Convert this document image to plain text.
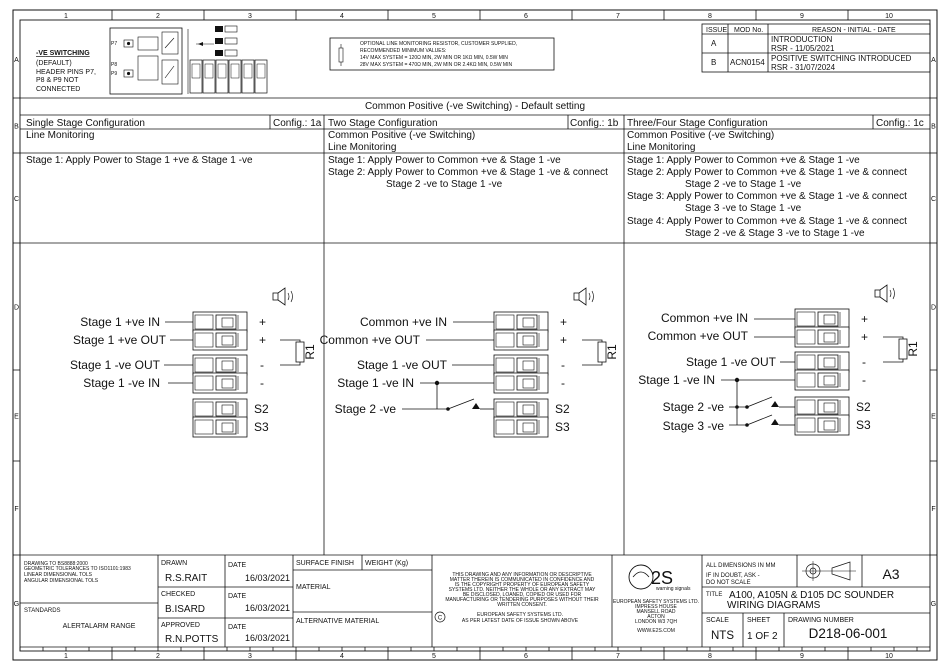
1
1
2
2
3
3
4
4
5
5
6
6
7
7
8
8
9
9
10
10
A	A
B	B
C	C
D	D
E	E
F	F
G	G
-VE SWITCHING
(DEFAULT)
HEADER PINS P7,
P8 & P9 NOT
CONNECTED
P7
P8
P9
OPTIONAL LINE MONITORING RESISTOR, CUSTOMER SUPPLIED,
RECOMMENDED MINIMUM VALUES:
14V MAX SYSTEM = 120Ω MIN, 2W MIN OR 1KΩ MIN, 0.5W MIN
28V MAX SYSTEM = 470Ω MIN, 2W MIN OR 2.4KΩ MIN, 0.5W MIN
ISSUE MOD No.	REASON - INITIAL - DATE
A	INTRODUCTION
RSR - 11/05/2021
B ACN0154 POSITIVE SWITCHING INTRODUCED
RSR - 31/07/2024
Common Positive (-ve Switching) - Default setting
Single Stage Configuration	Config.: 1a
Line Monitoring
Stage 1: Apply Power to Stage 1 +ve & Stage 1 -ve
Two Stage Configuration	Config.: 1b
Common Positive (-ve Switching)
Line Monitoring
Stage 1: Apply Power to Common +ve & Stage 1 -ve
Stage 2: Apply Power to Common +ve & Stage 1 -ve & connect
Stage 2 -ve to Stage 1 -ve
Three/Four Stage Configuration	Config.: 1c
Common Positive (-ve Switching)
Line Monitoring
Stage 1: Apply Power to Common +ve & Stage 1 -ve
Stage 2: Apply Power to Common +ve & Stage 1 -ve & connect
Stage 2 -ve to Stage 1 -ve
Stage 3: Apply Power to Common +ve & Stage 1 -ve & connect
Stage 3 -ve to Stage 1 -ve
Stage 4: Apply Power to Common +ve & Stage 1 -ve & connect
Stage 2 -ve & Stage 3 -ve to Stage 1 -ve
Stage 1 +ve IN
Stage 1 +ve OUT
Stage 1 -ve OUT
Stage 1 -ve IN
+
+
-
-
S2
S3
R1
Common +ve IN
Common +ve OUT
Stage 1 -ve OUT
Stage 1 -ve IN
Stage 2 -ve
+
+
-
-
S2
S3
R1
Common +ve IN
Common +ve OUT
Stage 1 -ve OUT
Stage 1 -ve IN
Stage 2 -ve
Stage 3 -ve
+
+
-
-
S2
S3
R1
DRAWING TO BS8888:2000
GEOMETRIC TOLERANCES TO ISO1101:1983
LINEAR DIMENSIONAL TOLS
ANGULAR DIMENSIONAL TOLS
STANDARDS
ALERTALARM RANGE
DRAWN	DATE
R.S.RAIT	16/03/2021
CHECKED	DATE
B.ISARD	16/03/2021
APPROVED	DATE
R.N.POTTS	16/03/2021
SURFACE FINISH WEIGHT (Kg)
MATERIAL
ALTERNATIVE MATERIAL
THIS DRAWING AND ANY INFORMATION OR DESCRIPTIVE
MATTER THEREIN IS COMMUNICATED IN CONFIDENCE AND
IS THE COPYRIGHT PROPERTY OF EUROPEAN SAFETY
SYSTEMS LTD. NEITHER THE WHOLE OR ANY EXTRACT MAY
BE DISCLOSED, LOANED, COPIED OR USED FOR
MANUFACTURING OR TENDERING PURPOSES WITHOUT THEIR
WRITTEN CONSENT.
C
EUROPEAN SAFETY SYSTEMS LTD.
AS PER LATEST DATE OF ISSUE SHOWN ABOVE
2S
warning signals
EUROPEAN SAFETY SYSTEMS LTD.
IMPRESS HOUSE
MANSELL ROAD
ACTON
LONDON W3 7QH
WWW.E2S.COM
ALL DIMENSIONS IN MM
IF IN DOUBT, ASK -
DO NOT SCALE
A3
TITLE A100, A105N & D105 DC SOUNDER
WIRING DIAGRAMS
SCALE
NTS
SHEET
1 OF 2
DRAWING NUMBER
D218-06-001
